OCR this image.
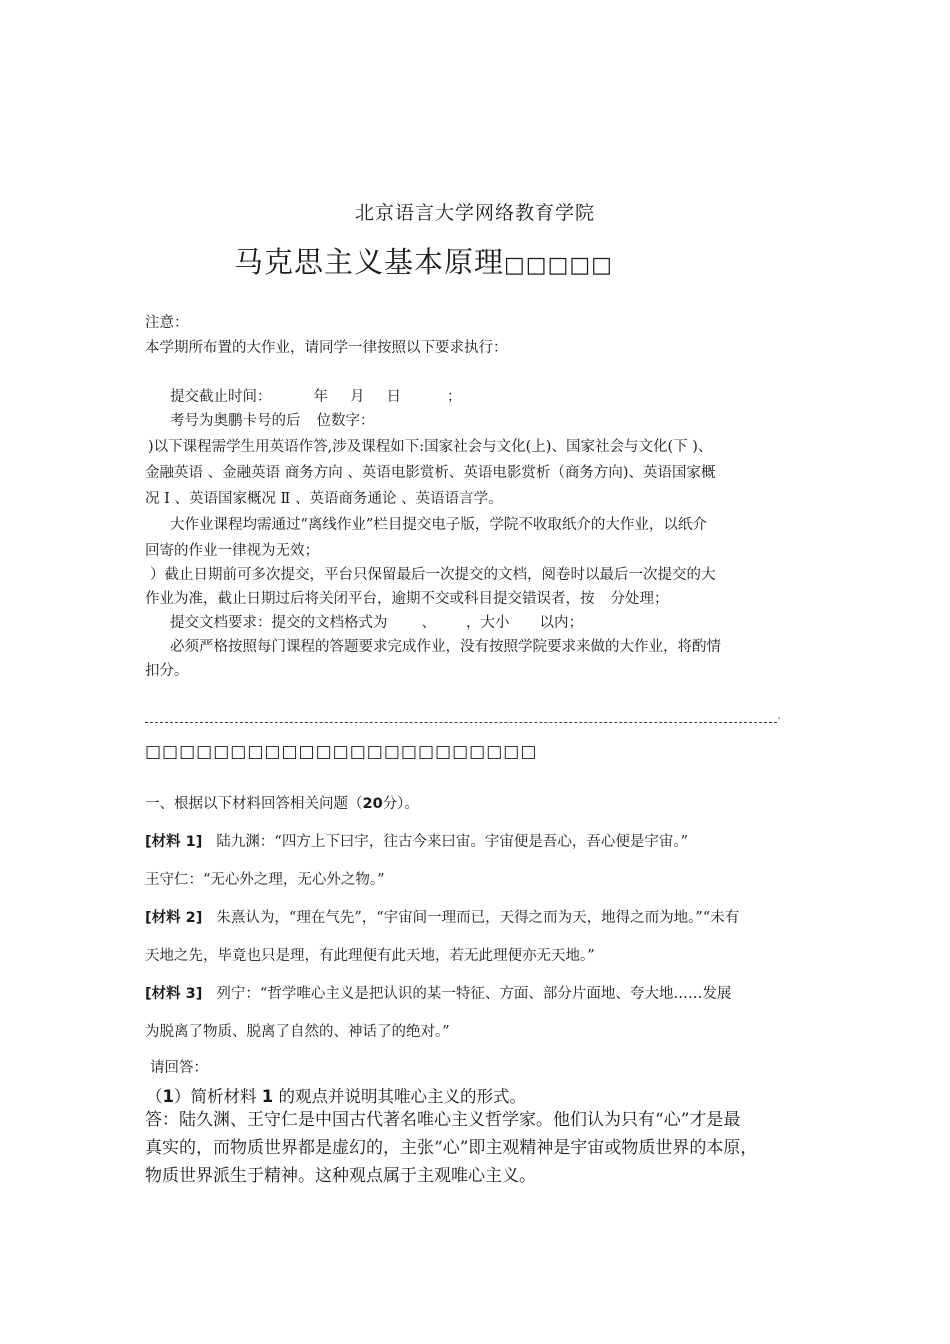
北京语言大学网络教育学院
马克思主义基本原理□□□□□
注意：
本学期所布置的大作业，请同学一律按照以下要求执行：
提交截止时间：	年 月 日	；
考号为奥鹏卡号的后 位数字：
)以下课程需学生用英语作答,涉及课程如下:国家社会与文化(上)、国家社会与文化(下 )、
金融英语 、金融英语 商务方向 、英语电影赏析、英语电影赏析（商务方向)、英语国家概
况 Ⅰ 、英语国家概况 Ⅱ 、英语商务通论 、英语语言学。
大作业课程均需通过“离线作业”栏目提交电子版，学院不收取纸介的大作业，以纸介
回寄的作业一律视为无效；
）截止日期前可多次提交，平台只保留最后一次提交的文档，阅卷时以最后一次提交的大
作业为准，截止日期过后将关闭平台，逾期不交或科目提交错误者，按 分处理；
提交文档要求：提交的文档格式为 、 ，大小 以内；
必须严格按照每门课程的答题要求完成作业，没有按照学院要求来做的大作业，将酌情
扣分。
'
□□□□□□□□□□□□□□□□□□□□□□□
一、根据以下材料回答相关问题（20分）。
[材料 1] 陆九渊：“四方上下曰宇，往古今来曰宙。宇宙便是吾心，吾心便是宇宙。”
王守仁：“无心外之理，无心外之物。”
[材料 2] 朱熹认为，“理在气先”，“宇宙间一理而已，天得之而为天，地得之而为地。”“未有
天地之先，毕竟也只是理，有此理便有此天地，若无此理便亦无天地。”
[材料 3] 列宁：“哲学唯心主义是把认识的某一特征、方面、部分片面地、夸大地……发展
为脱离了物质、脱离了自然的、神话了的绝对。”
请回答：
（1）简析材料 1 的观点并说明其唯心主义的形式。
答：陆久渊、王守仁是中国古代著名唯心主义哲学家。他们认为只有“心”才是最
真实的，而物质世界都是虚幻的，主张“心”即主观精神是宇宙或物质世界的本原，
物质世界派生于精神。这种观点属于主观唯心主义。
